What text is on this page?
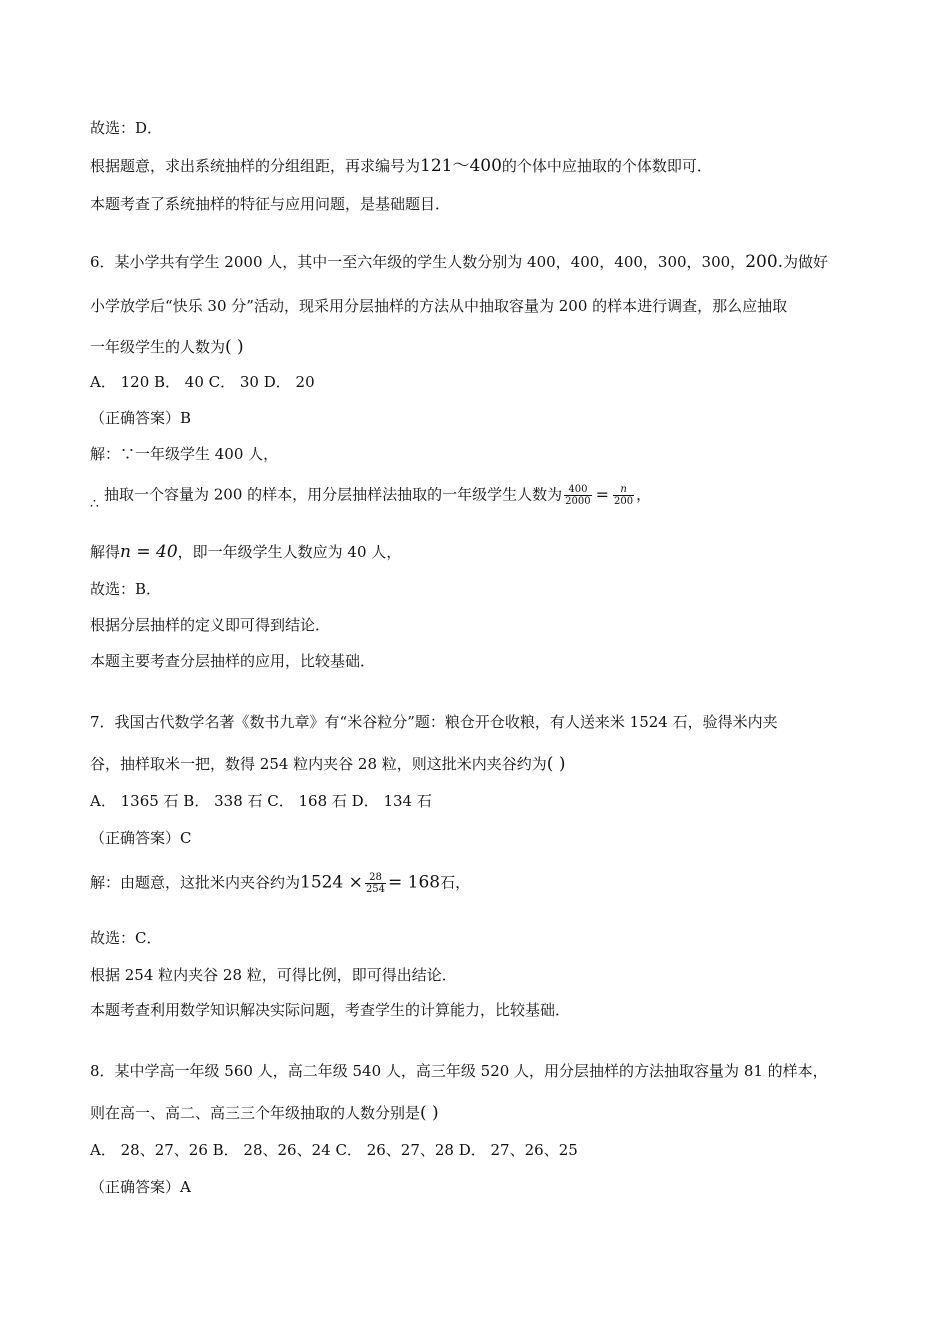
故选：D．
根据题意，求出系统抽样的分组组距，再求编号为121～400的个体中应抽取的个体数即可．
本题考查了系统抽样的特征与应用问题，是基础题目．
6．某小学共有学生 2000 人，其中一至六年级的学生人数分别为 400，400，400，300，300，200.为做好
小学放学后“快乐 30 分”活动，现采用分层抽样的方法从中抽取容量为 200 的样本进行调查，那么应抽取
一年级学生的人数为( )
A． 120 B． 40 C． 30 D． 20
（正确答案）B
解：∵一年级学生 400 人，
∴
抽取一个容量为 200 的样本，用分层抽样法抽取的一年级学生人数为 $\frac{400}{2000} = \frac{n}{200}$ ，
解得n = 40，即一年级学生人数应为 40 人，
故选：B．
根据分层抽样的定义即可得到结论．
本题主要考查分层抽样的应用，比较基础．
7．我国古代数学名著《数书九章》有“米谷粒分”题：粮仓开仓收粮，有人送来米 1524 石，验得米内夹
谷，抽样取米一把，数得 254 粒内夹谷 28 粒，则这批米内夹谷约为( )
A． 1365 石 B． 338 石 C． 168 石 D． 134 石
（正确答案）C
解：由题意，这批米内夹谷约为$1524 \times \frac{28}{254} = 168$石，
故选：C．
根据 254 粒内夹谷 28 粒，可得比例，即可得出结论．
本题考查利用数学知识解决实际问题，考查学生的计算能力，比较基础．
8．某中学高一年级 560 人，高二年级 540 人，高三年级 520 人，用分层抽样的方法抽取容量为 81 的样本，
则在高一、高二、高三三个年级抽取的人数分别是( )
A． 28、27、26 B． 28、26、24 C． 26、27、28 D． 27、26、25
（正确答案）A
